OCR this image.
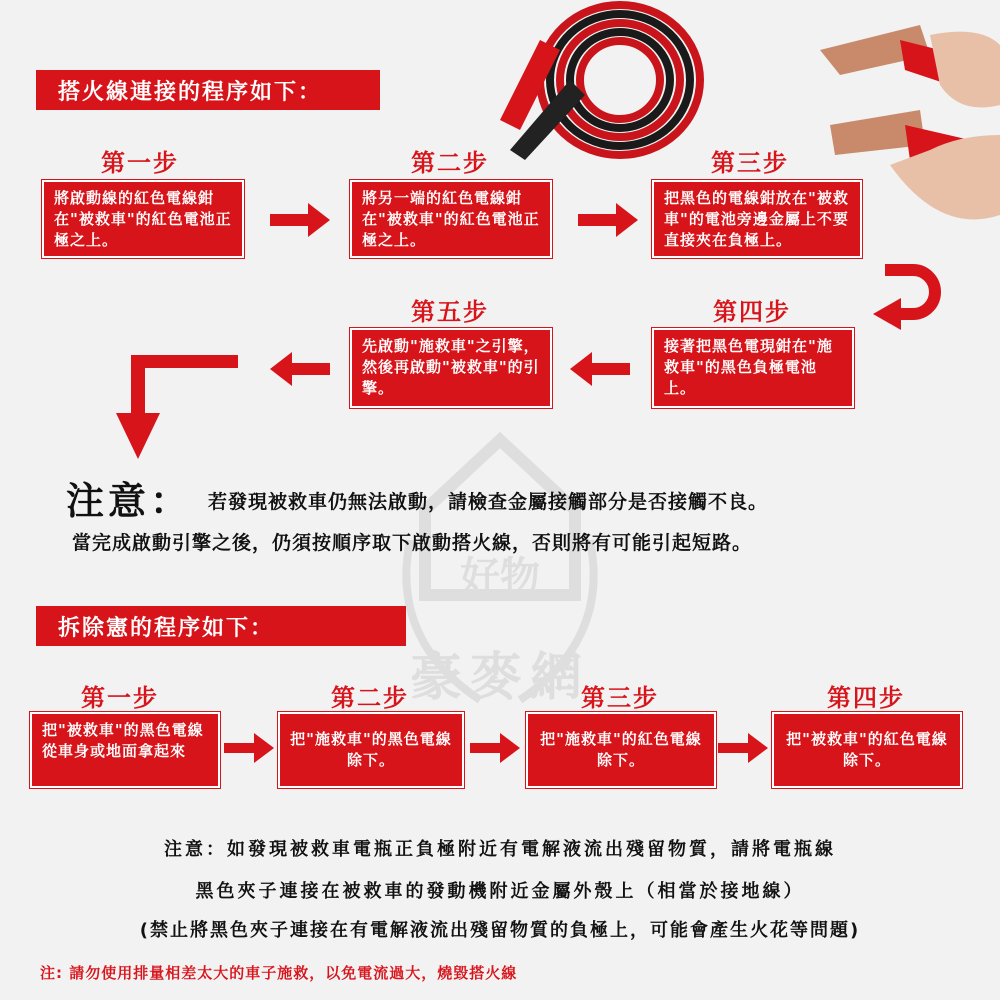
好物
豪麥網
搭火線連接的程序如下：
第一步	第二步	第三步
將啟動線的紅色電線鉗在"被救車"的紅色電池正極之上。
將另一端的紅色電線鉗在"被救車"的紅色電池正極之上。
把黑色的電線鉗放在"被救車"的電池旁邊金屬上不要直接夾在負極上。
第五步	第四步
先啟動"施救車"之引擎，然後再啟動"被救車"的引擎。
接著把黑色電現鉗在"施救車"的黑色負極電池上。
注意： 若發現被救車仍無法啟動，請檢查金屬接觸部分是否接觸不良。
當完成啟動引擎之後，仍須按順序取下啟動搭火線，否則將有可能引起短路。
拆除憲的程序如下：
第一步	第二步	第三步	第四步
把"被救車"的黑色電線從車身或地面拿起來
把"施救車"的黑色電線除下。
把"施救車"的紅色電線除下。
把"被救車"的紅色電線除下。
注意：如發現被救車電瓶正負極附近有電解液流出殘留物質，請將電瓶線
黑色夾子連接在被救車的發動機附近金屬外殼上（相當於接地線）
(禁止將黑色夾子連接在有電解液流出殘留物質的負極上，可能會產生火花等問題)
注: 請勿使用排量相差太大的車子施救，以免電流過大，燒毀搭火線
